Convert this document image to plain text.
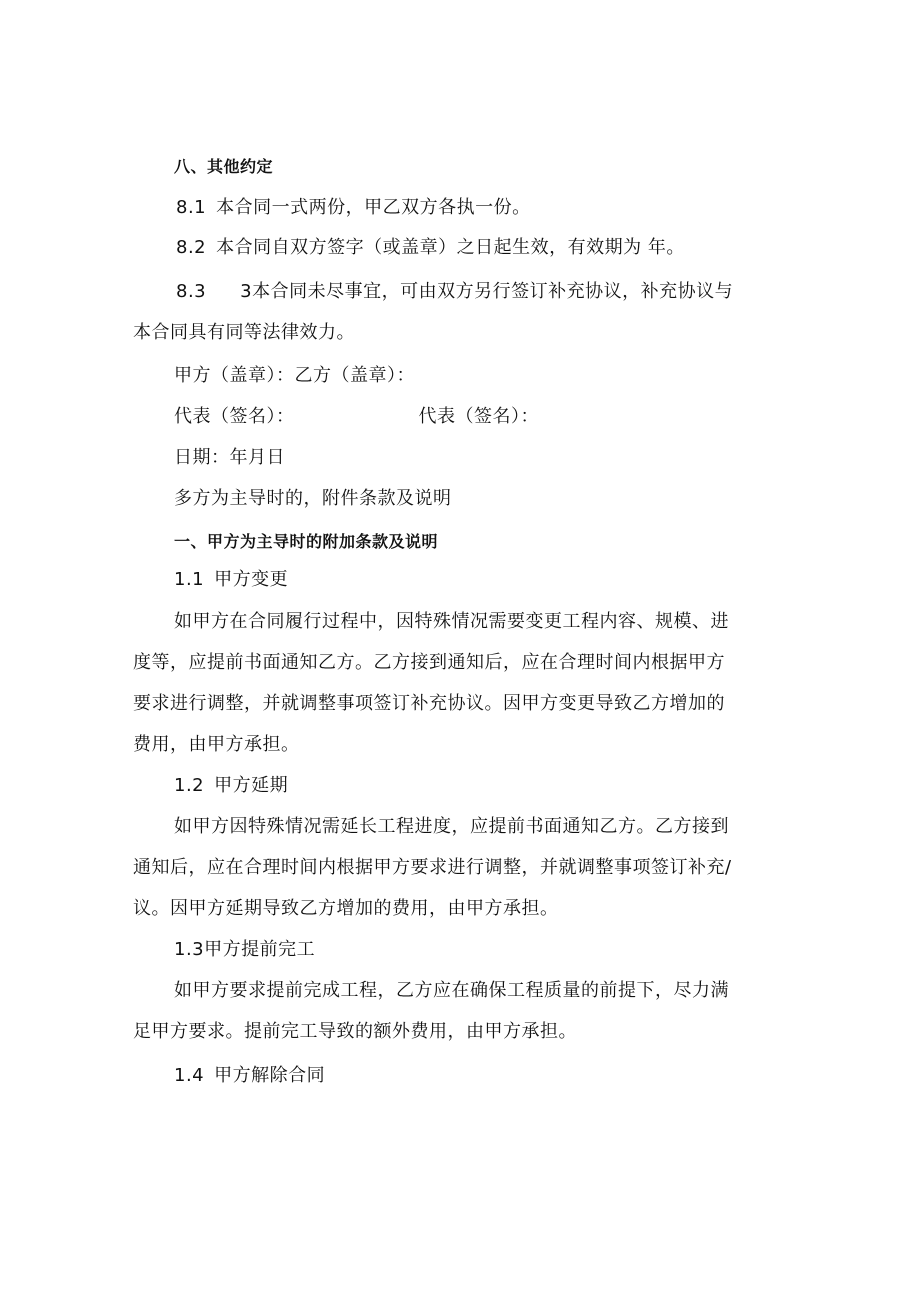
八、其他约定
8.1 本合同一式两份，甲乙双方各执一份。
8.2 本合同自双方签字（或盖章）之日起生效，有效期为 年。
8.3 3本合同未尽事宜，可由双方另行签订补充协议，补充协议与
本合同具有同等法律效力。
甲方（盖章）：乙方（盖章）：
代表（签名）：	代表（签名）：
日期：年月日
多方为主导时的，附件条款及说明
一、甲方为主导时的附加条款及说明
1.1 甲方变更
如甲方在合同履行过程中，因特殊情况需要变更工程内容、规模、进
度等，应提前书面通知乙方。乙方接到通知后，应在合理时间内根据甲方
要求进行调整，并就调整事项签订补充协议。因甲方变更导致乙方增加的
费用，由甲方承担。
1.2 甲方延期
如甲方因特殊情况需延长工程进度，应提前书面通知乙方。乙方接到
通知后，应在合理时间内根据甲方要求进行调整，并就调整事项签订补充/
议。因甲方延期导致乙方增加的费用，由甲方承担。
1.3甲方提前完工
如甲方要求提前完成工程，乙方应在确保工程质量的前提下，尽力满
足甲方要求。提前完工导致的额外费用，由甲方承担。
1.4 甲方解除合同
